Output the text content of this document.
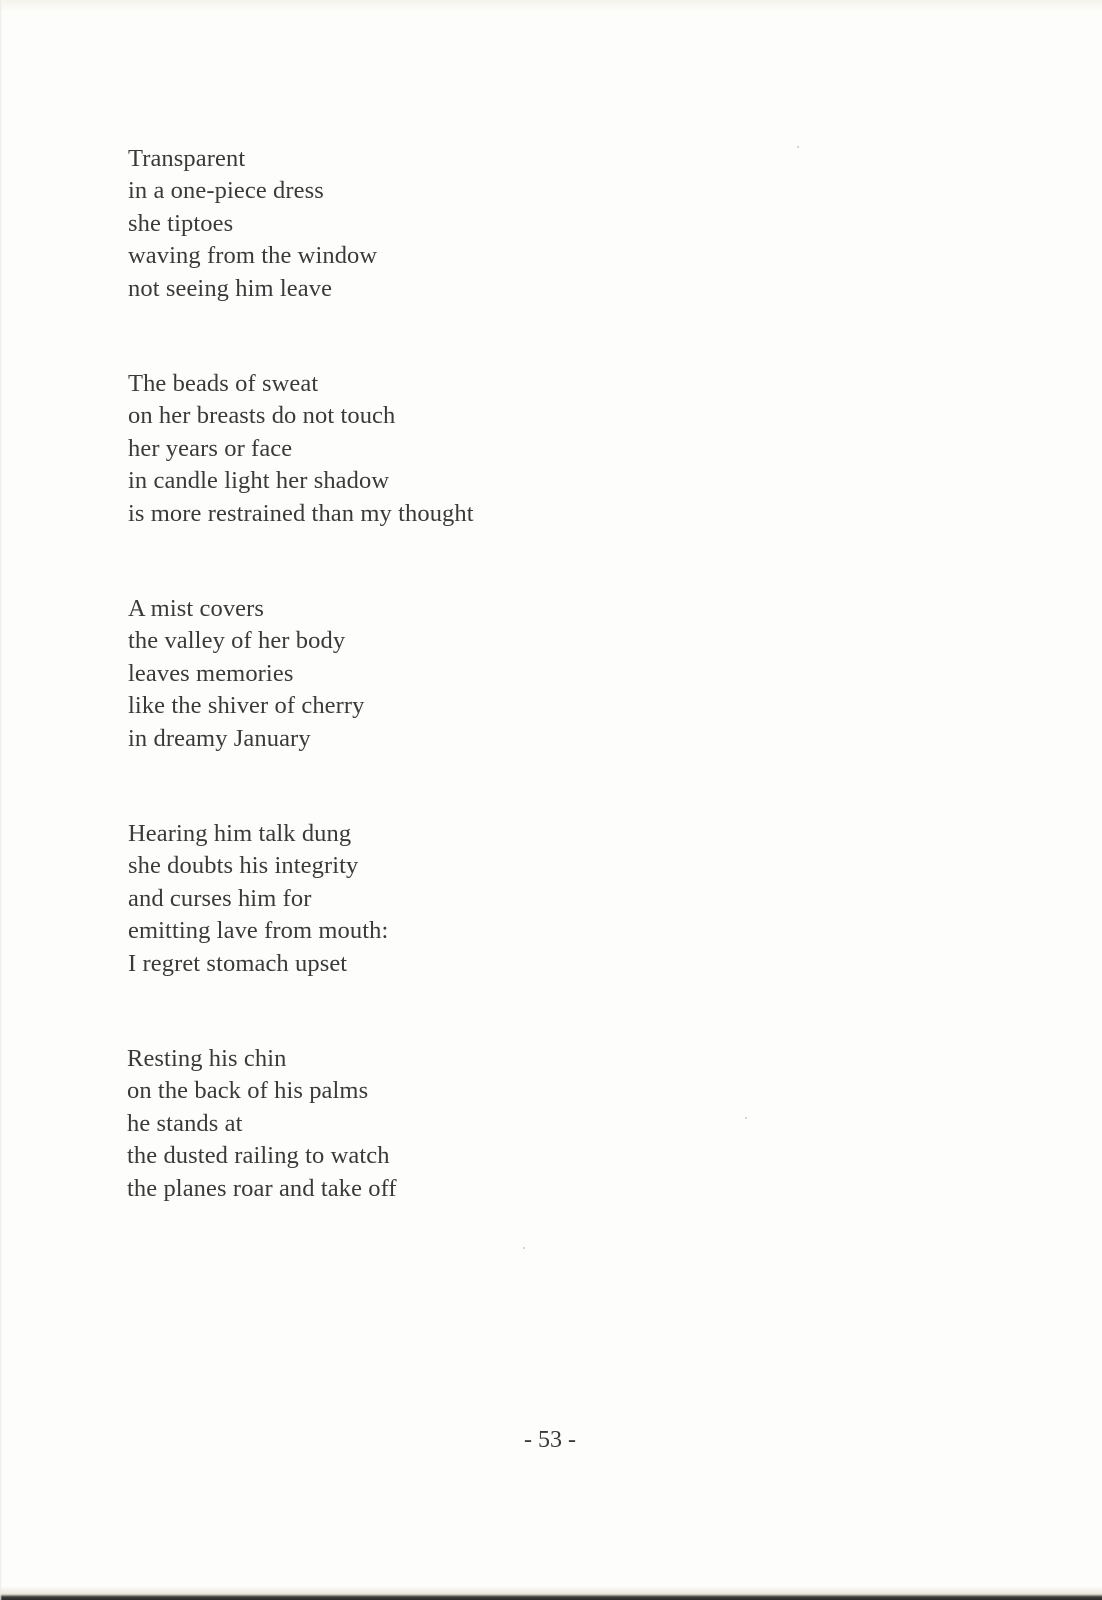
Transparent
in a one-piece dress
she tiptoes
waving from the window
not seeing him leave
The beads of sweat
on her breasts do not touch
her years or face
in candle light her shadow
is more restrained than my thought
A mist covers
the valley of her body
leaves memories
like the shiver of cherry
in dreamy January
Hearing him talk dung
she doubts his integrity
and curses him for
emitting lave from mouth:
I regret stomach upset
Resting his chin
on the back of his palms
he stands at
the dusted railing to watch
the planes roar and take off
- 53 -
